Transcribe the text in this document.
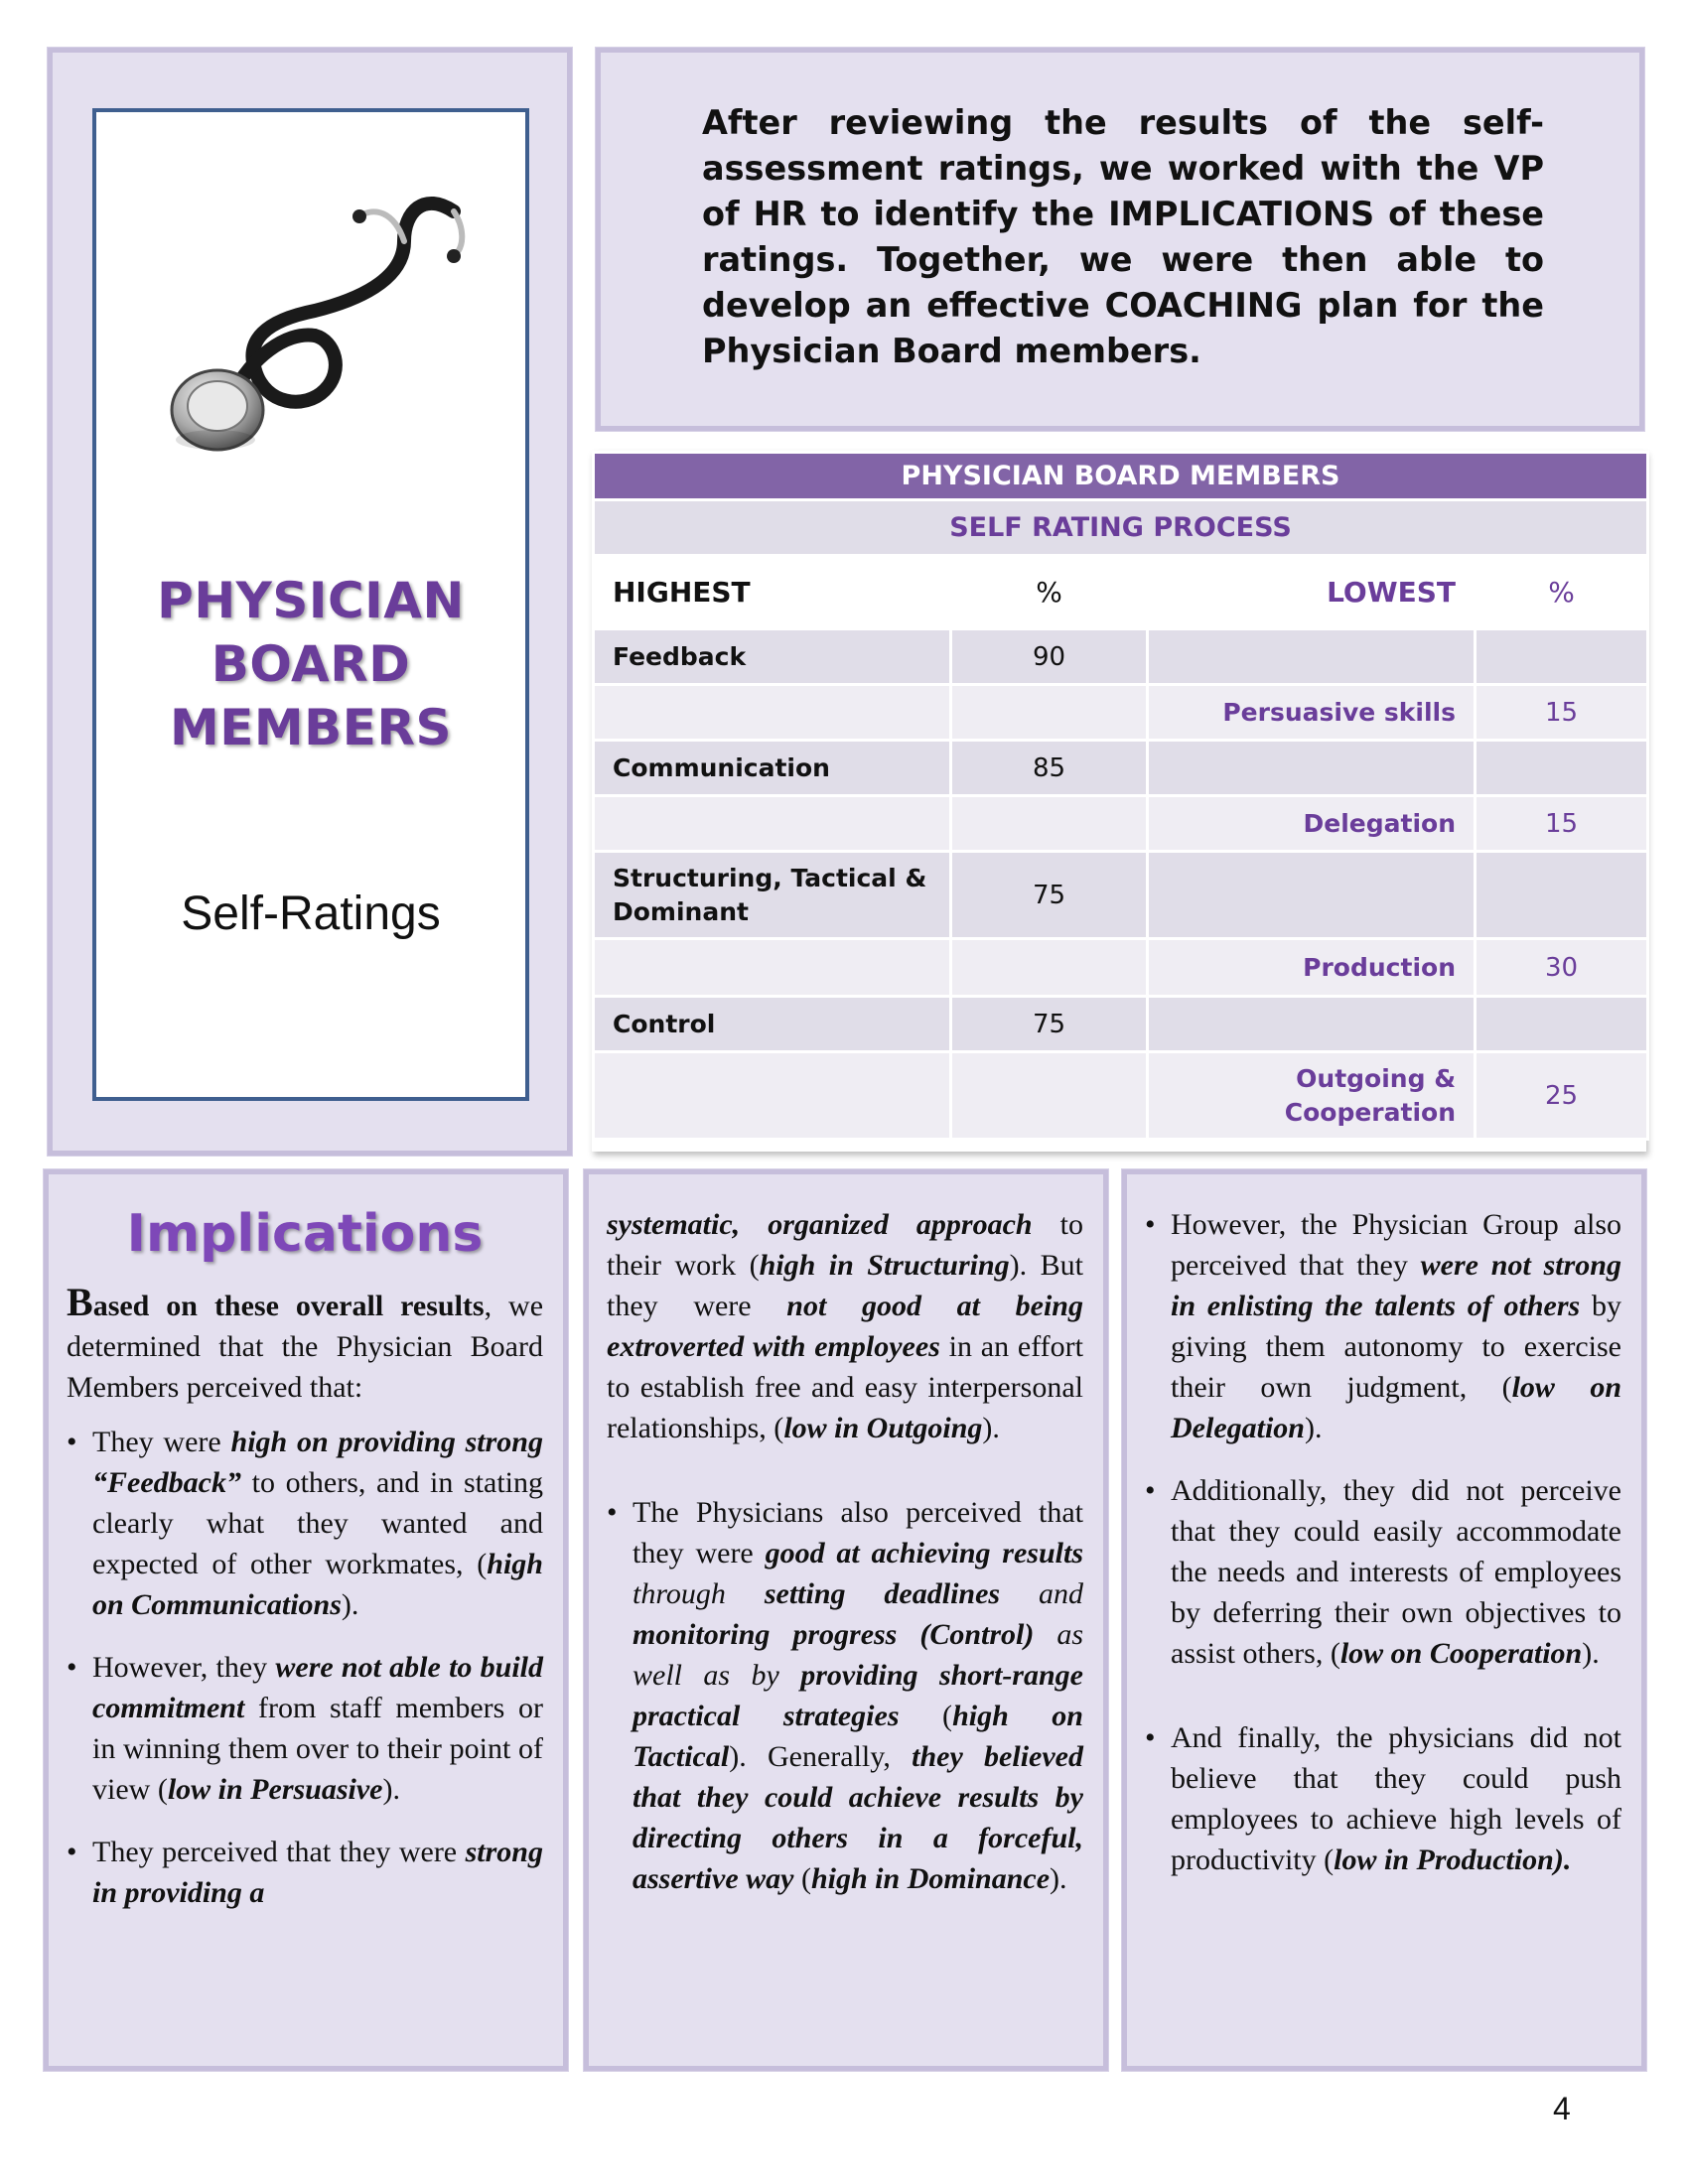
PHYSICIAN
BOARD
MEMBERS
Self-Ratings
After reviewing the results of the self-assessment ratings, we worked with the VP of HR to identify the IMPLICATIONS of these ratings. Together, we were then able to develop an effective COACHING plan for the Physician Board members.
PHYSICIAN BOARD MEMBERS			
SELF RATING PROCESS			
HIGHEST	%	LOWEST	%
Feedback	90		
		Persuasive skills	15
Communication	85		
		Delegation	15
Structuring, Tactical & Dominant	75		
		Production	30
Control	75		
		Outgoing & Cooperation	25
Implications

Based on these overall results, we determined that the Physician Board Members perceived that:

• They were high on providing strong “Feedback” to others, and in stating clearly what they wanted and expected of other workmates, (high on Communications).
• However, they were not able to build commitment from staff members or in winning them over to their point of view (low in Persuasive).
• They perceived that they were strong in providing a

systematic, organized approach to their work (high in Structuring). But they were not good at being extroverted with employees in an effort to establish free and easy interpersonal relationships, (low in Outgoing).

• The Physicians also perceived that they were good at achieving results through setting deadlines and monitoring progress (Control) as well as by providing short-range practical strategies (high on Tactical). Generally, they believed that they could achieve results by directing others in a forceful, assertive way (high in Dominance).
• However, the Physician Group also perceived that they were not strong in enlisting the talents of others by giving them autonomy to exercise their own judgment, (low on Delegation).
• Additionally, they did not perceive that they could easily accommodate the needs and interests of employees by deferring their own objectives to assist others, (low on Cooperation).
• And finally, the physicians did not believe that they could push employees to achieve high levels of productivity (low in Production).
4
